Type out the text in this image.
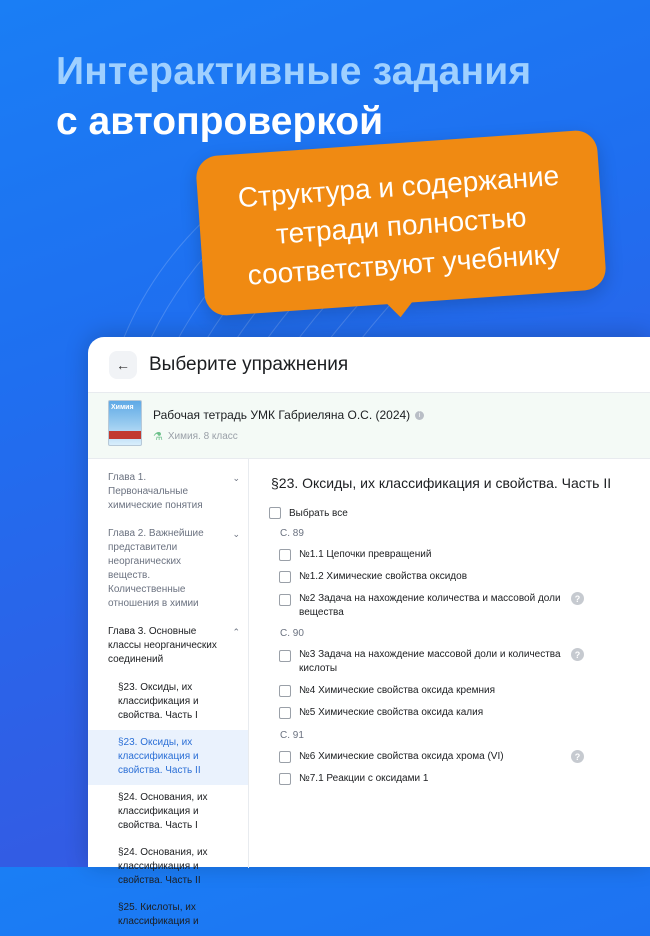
Интерактивные задания
с автопроверкой
Структура и содержание
тетради полностью
соответствуют учебнику
← Выберите упражнения
Химия
Рабочая тетрадь УМК Габриеляна О.С. (2024)	i
⚗ Химия. 8 класс
Глава 1. Первоначальные химические понятия
⌄
Глава 2. Важнейшие представители неорганических веществ. Количественные отношения в химии
⌄
Глава 3. Основные классы неорганических соединений
⌃
§23. Оксиды, их классификация и свойства. Часть I
§23. Оксиды, их классификация и свойства. Часть II
§24. Основания, их классификация и свойства. Часть I
§24. Основания, их классификация и свойства. Часть II
§25. Кислоты, их классификация и
§23. Оксиды, их классификация и свойства. Часть II
Выбрать все
С. 89
№1.1 Цепочки превращений
№1.2 Химические свойства оксидов
№2 Задача на нахождение количества и массовой доли вещества
?
С. 90
№3 Задача на нахождение массовой доли и количества кислоты
?
№4 Химические свойства оксида кремния
№5 Химические свойства оксида калия
С. 91
№6 Химические свойства оксида хрома (VI)	?
№7.1 Реакции с оксидами 1
